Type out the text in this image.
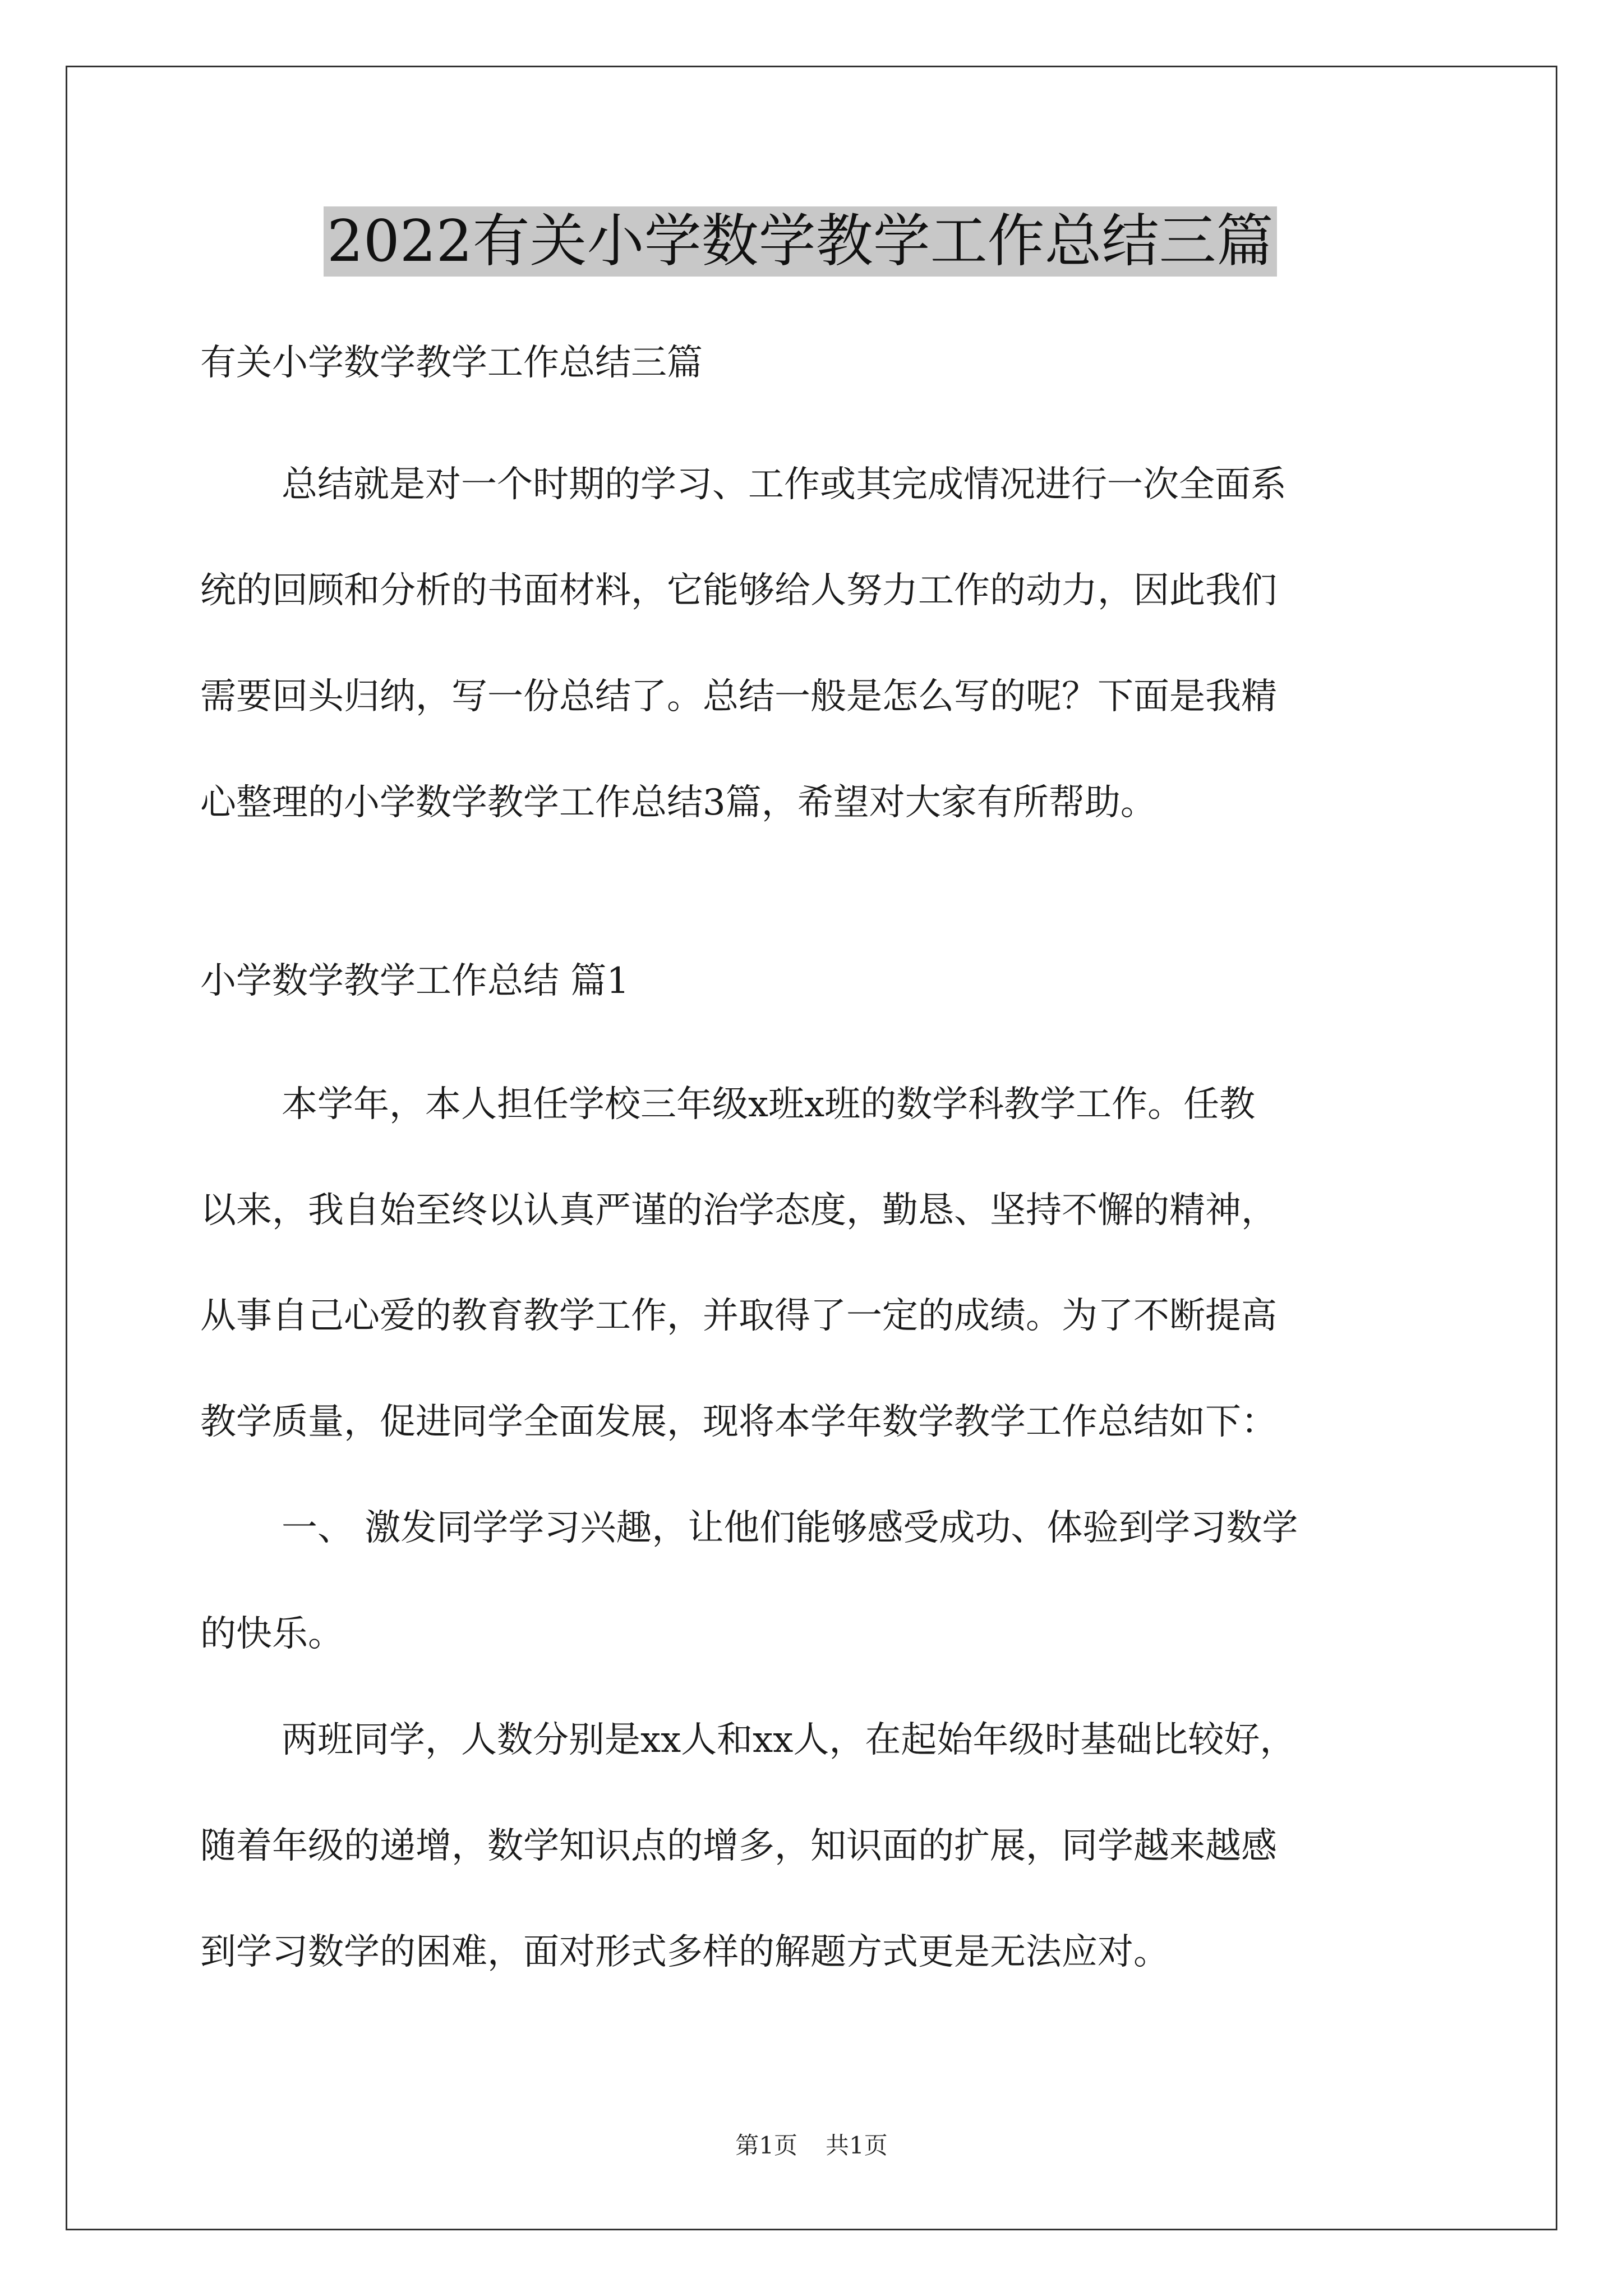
2022有关小学数学教学工作总结三篇
有关小学数学教学工作总结三篇
总结就是对一个时期的学习、工作或其完成情况进行一次全面系
统的回顾和分析的书面材料，它能够给人努力工作的动力，因此我们
需要回头归纳，写一份总结了。总结一般是怎么写的呢？下面是我精
心整理的小学数学教学工作总结3篇，希望对大家有所帮助。
小学数学教学工作总结 篇1
本学年，本人担任学校三年级x班x班的数学科教学工作。任教
以来，我自始至终以认真严谨的治学态度，勤恳、坚持不懈的精神，
从事自己心爱的教育教学工作，并取得了一定的成绩。为了不断提高
教学质量，促进同学全面发展，现将本学年数学教学工作总结如下：
一、 激发同学学习兴趣，让他们能够感受成功、体验到学习数学
的快乐。
两班同学，人数分别是xx人和xx人，在起始年级时基础比较好，
随着年级的递增，数学知识点的增多，知识面的扩展，同学越来越感
到学习数学的困难，面对形式多样的解题方式更是无法应对。
第1页 共1页
